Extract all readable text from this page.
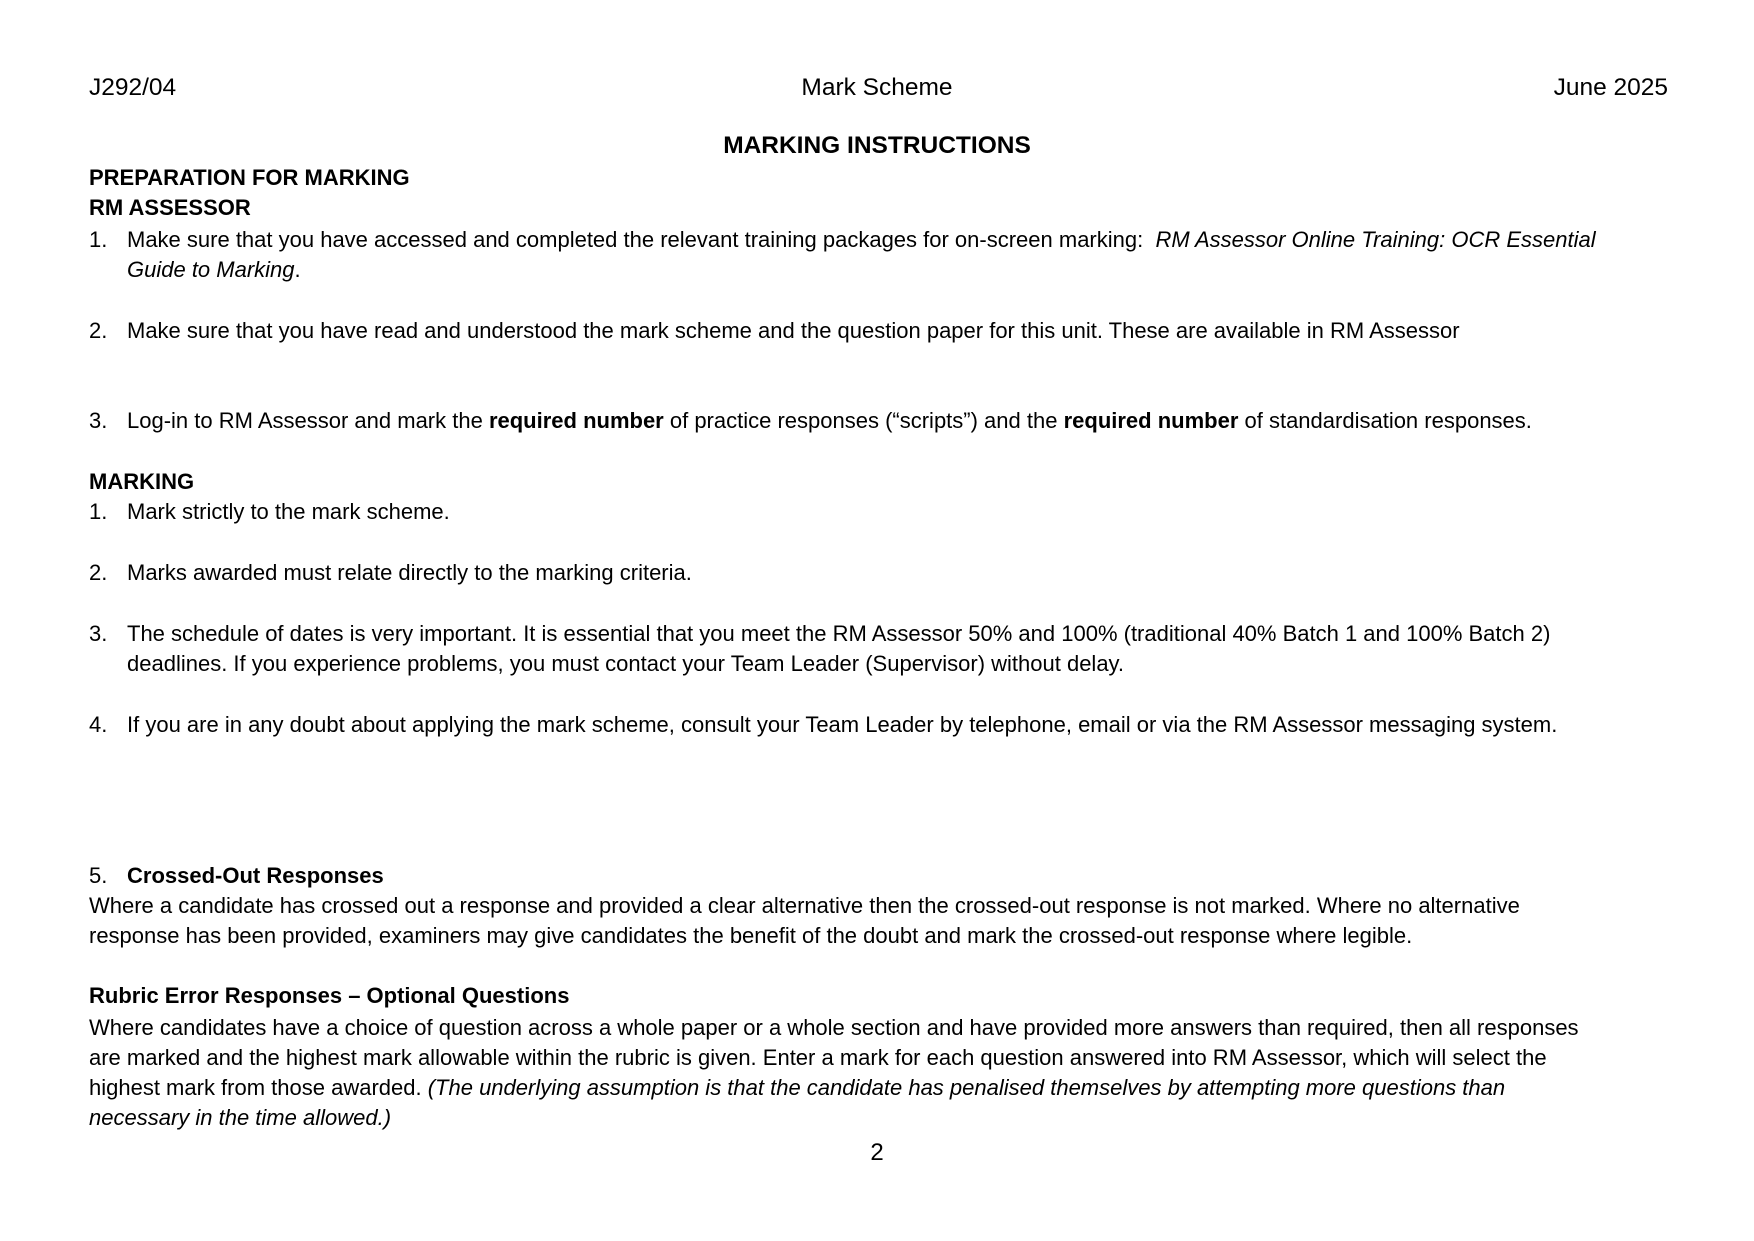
J292/04	Mark Scheme	June 2025
MARKING INSTRUCTIONS
PREPARATION FOR MARKING
RM ASSESSOR
1. Make sure that you have accessed and completed the relevant training packages for on-screen marking:  RM Assessor Online Training: OCR Essential
Guide to Marking.
2. Make sure that you have read and understood the mark scheme and the question paper for this unit. These are available in RM Assessor
3. Log-in to RM Assessor and mark the required number of practice responses (“scripts”) and the required number of standardisation responses.
MARKING
1. Mark strictly to the mark scheme.
2. Marks awarded must relate directly to the marking criteria.
3. The schedule of dates is very important. It is essential that you meet the RM Assessor 50% and 100% (traditional 40% Batch 1 and 100% Batch 2)
deadlines. If you experience problems, you must contact your Team Leader (Supervisor) without delay.
4. If you are in any doubt about applying the mark scheme, consult your Team Leader by telephone, email or via the RM Assessor messaging system.
5. Crossed-Out Responses
Where a candidate has crossed out a response and provided a clear alternative then the crossed-out response is not marked. Where no alternative
response has been provided, examiners may give candidates the benefit of the doubt and mark the crossed-out response where legible.
Rubric Error Responses – Optional Questions
Where candidates have a choice of question across a whole paper or a whole section and have provided more answers than required, then all responses
are marked and the highest mark allowable within the rubric is given. Enter a mark for each question answered into RM Assessor, which will select the
highest mark from those awarded. (The underlying assumption is that the candidate has penalised themselves by attempting more questions than
necessary in the time allowed.)
2
